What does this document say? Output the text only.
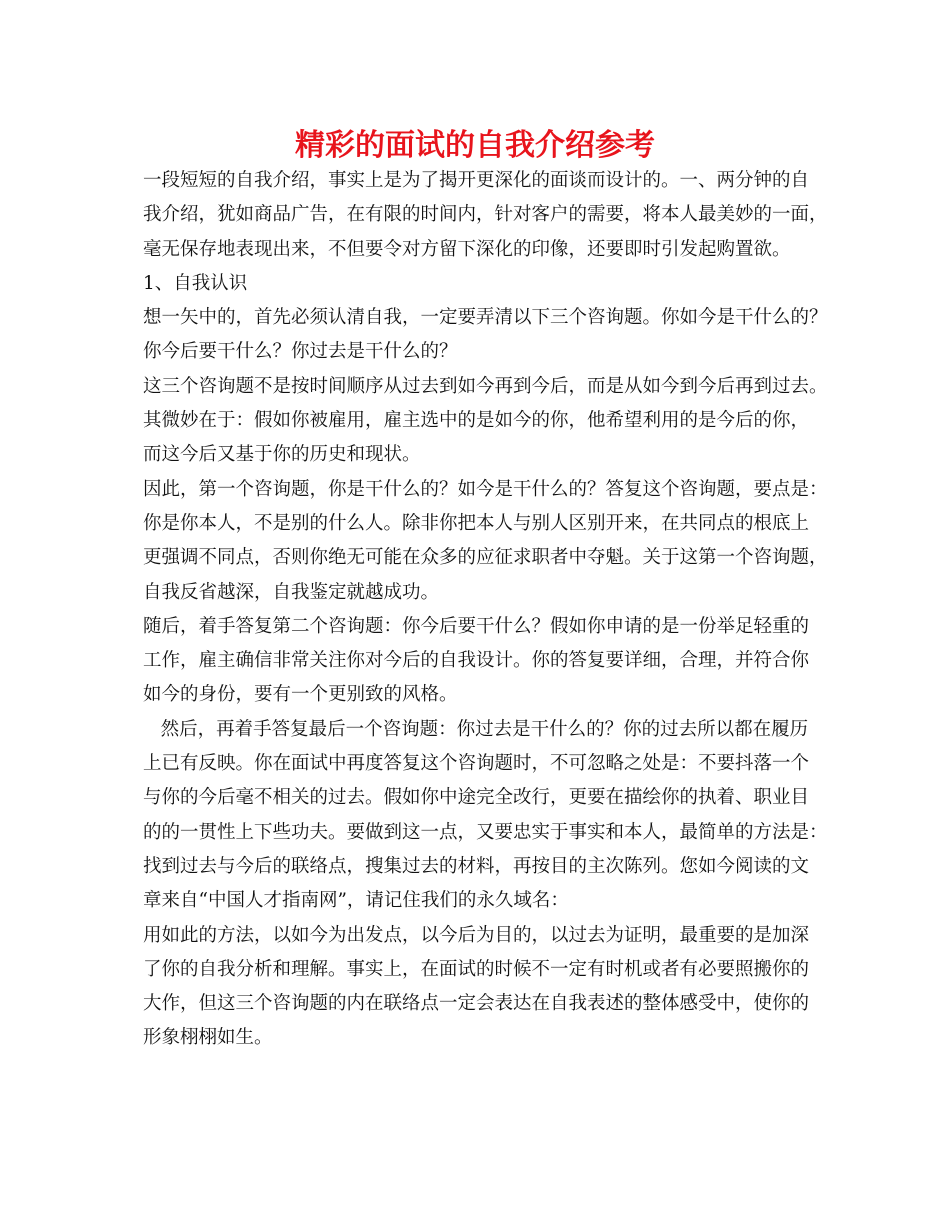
精彩的面试的自我介绍参考
一段短短的自我介绍，事实上是为了揭开更深化的面谈而设计的。一、两分钟的自
我介绍，犹如商品广告，在有限的时间内，针对客户的需要，将本人最美妙的一面，
毫无保存地表现出来，不但要令对方留下深化的印像，还要即时引发起购置欲。
1、自我认识
想一矢中的，首先必须认清自我，一定要弄清以下三个咨询题。你如今是干什么的？
你今后要干什么？你过去是干什么的？
这三个咨询题不是按时间顺序从过去到如今再到今后，而是从如今到今后再到过去。
其微妙在于：假如你被雇用，雇主选中的是如今的你，他希望利用的是今后的你，
而这今后又基于你的历史和现状。
因此，第一个咨询题，你是干什么的？如今是干什么的？答复这个咨询题，要点是：
你是你本人，不是别的什么人。除非你把本人与别人区别开来，在共同点的根底上
更强调不同点，否则你绝无可能在众多的应征求职者中夺魁。关于这第一个咨询题，
自我反省越深，自我鉴定就越成功。
随后，着手答复第二个咨询题：你今后要干什么？假如你申请的是一份举足轻重的
工作，雇主确信非常关注你对今后的自我设计。你的答复要详细，合理，并符合你
如今的身份，要有一个更别致的风格。
然后，再着手答复最后一个咨询题：你过去是干什么的？你的过去所以都在履历
上已有反映。你在面试中再度答复这个咨询题时，不可忽略之处是：不要抖落一个
与你的今后毫不相关的过去。假如你中途完全改行，更要在描绘你的执着、职业目
的的一贯性上下些功夫。要做到这一点，又要忠实于事实和本人，最简单的方法是：
找到过去与今后的联络点，搜集过去的材料，再按目的主次陈列。您如今阅读的文
章来自“中国人才指南网”，请记住我们的永久域名：
用如此的方法，以如今为出发点，以今后为目的，以过去为证明，最重要的是加深
了你的自我分析和理解。事实上，在面试的时候不一定有时机或者有必要照搬你的
大作，但这三个咨询题的内在联络点一定会表达在自我表述的整体感受中，使你的
形象栩栩如生。
